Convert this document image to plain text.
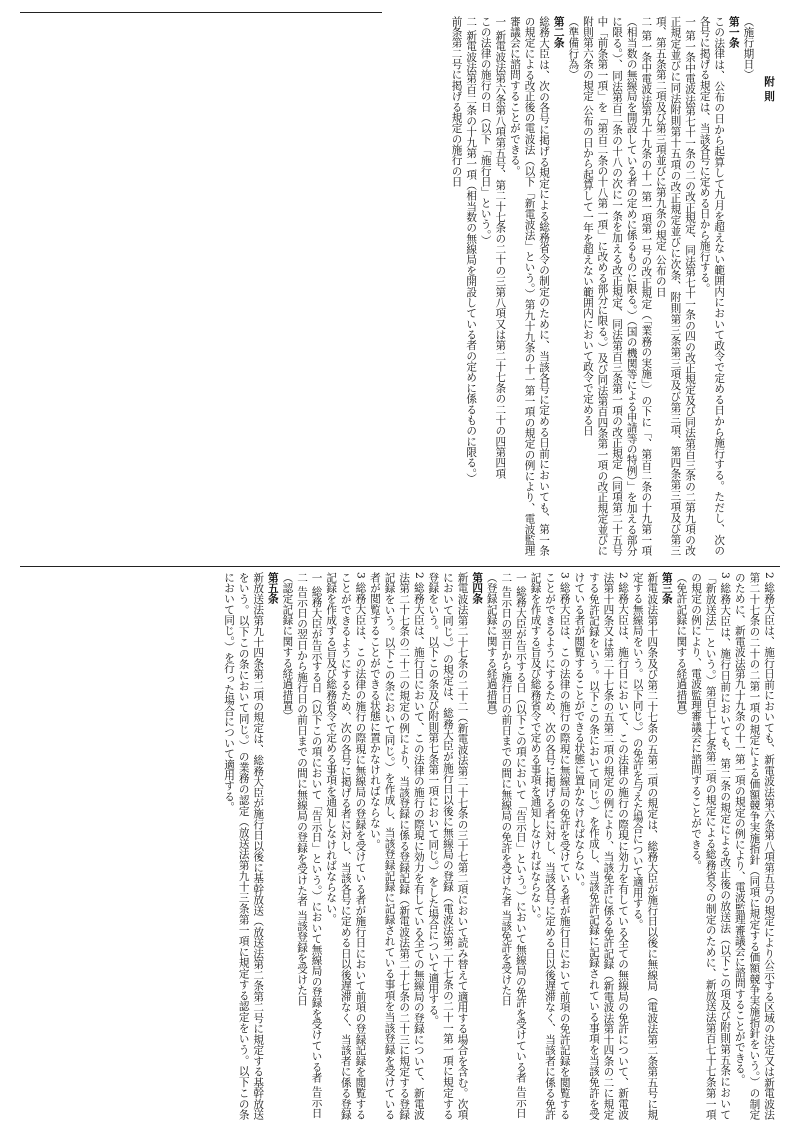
附 則

（施行期日）

第一条

この法律は、公布の日から起算して九月を超えない範囲内において政令で定める日から施行する。ただし、次の各号に掲げる規定は、当該各号に定める日から施行する。

一 第一条中電波法第七十一条の二の改正規定、同法第七十一条の四の改正規定及び同法第百三条の二第九項の改正規定並びに同法附則第十五項の改正規定並びに次条、附則第三条第三項及び第三項、第四条第三項及び第三項、第五条第二項及び第三項並びに第九条の規定 公布の日

二 第一条中電波法第九十九条の十一第一項第一号の改正規定（「業務の実施」）の下に「、第百二条の十九第一項（相当数の無線局を開設している者の定めに係るものに限る。）（国の機関等による申請等の特例）」を加える部分に限る。）、同法第百二条の十八の次に一条を加える改正規定、同法第百三条第一項の改正規定（同項第二十五号中「前条第一項」を「第百二条の十八第一項」に改める部分に限る。）及び同法第百四条第一項の改正規定並びに附則第六条の規定 公布の日から起算して一年を超えない範囲内において政令で定める日

（準備行為）

第二条

総務大臣は、次の各号に掲げる規定による総務省令の制定のために、当該各号に定める日前においても、第一条の規定による改正後の電波法（以下「新電波法」という。）第九十九条の十一第一項の規定の例により、電波監理審議会に諮問することができる。

一 新電波法第六条第八項第五号、第二十七条の二十の三第八項又は第二十七条の二十の四第四項

この法律の施行の日（以下「施行日」という。）

二 新電波法第百二条の十九第一項（相当数の無線局を開設している者の定めに係るものに限る。）

前条第二号に掲げる規定の施行の日

2 総務大臣は、施行日前においても、新電波法第六条第八項第五号の規定により公示する区域の決定又は新電波法第二十七条の二十の二第一項の規定による価額競争実施指針（同項に規定する価額競争実施指針をいう。）の制定のために、新電波法第九十九条の十一第一項の規定の例により、電波監理審議会に諮問することができる。

3 総務大臣は、施行日前においても、第二条の規定による改正後の放送法（以下この項及び附則第五条において「新放送法」という。）第百七十七条第二項の規定による総務省令の制定のために、新放送法第百七十七条第一項の規定の例により、電波監理審議会に諮問することができる。

（免許記録に関する経過措置）

第三条

新電波法第十四条及び第二十七条の五第二項の規定は、総務大臣が施行日以後に無線局（電波法第二条第五号に規定する無線局をいう。以下同じ。）の免許を与えた場合について適用する。

2 総務大臣は、施行日において、この法律の施行の際現に効力を有している全ての無線局の免許について、新電波法第十四条又は第二十七条の五第二項の規定の例により、当該免許に係る免許記録（新電波法第十四条の二に規定する免許記録をいう。以下この条において同じ。）を作成し、当該免許記録に記録されている事項を当該免許を受けている者が閲覧することができる状態に置かなければならない。

3 総務大臣は、この法律の施行の際現に無線局の免許を受けている者が施行日において前項の免許記録を閲覧することができるようにするため、次の各号に掲げる者に対し、当該各号に定める日以後遅滞なく、当該者に係る免許記録を作成する旨及び総務省令で定める事項を通知しなければならない。

一 総務大臣が告示する日（以下この項において「告示日」という。）において無線局の免許を受けている者 告示日

二 告示日の翌日から施行日の前日までの間に無線局の免許を受けた者 当該免許を受けた日

（登録記録に関する経過措置）

第四条

新電波法第二十七条の二十二（新電波法第二十七条の三十七第二項において読み替えて適用する場合を含む。次項において同じ。）の規定は、総務大臣が施行日以後に無線局の登録（電波法第二十七条の二十一第一項に規定する登録をいう。以下この条及び附則第七条第一項において同じ。）をした場合について適用する。

2 総務大臣は、施行日において、この法律の施行の際現に効力を有している全ての無線局の登録について、新電波法第二十七条の二十二の規定の例により、当該登録に係る登録記録（新電波法第二十七条の二十三に規定する登録記録をいう。以下この条において同じ。）を作成し、当該登録記録に記録されている事項を当該登録を受けている者が閲覧することができる状態に置かなければならない。

3 総務大臣は、この法律の施行の際現に無線局の登録を受けている者が施行日において前項の登録記録を閲覧することができるようにするため、次の各号に掲げる者に対し、当該各号に定める日以後遅滞なく、当該者に係る登録記録を作成する旨及び総務省令で定める事項を通知しなければならない。

一 総務大臣が告示する日（以下この項において「告示日」という。）において無線局の登録を受けている者 告示日

二 告示日の翌日から施行日の前日までの間に無線局の登録を受けた者 当該登録を受けた日

（認定記録に関する経過措置）

第五条

新放送法第九十四条第二項の規定は、総務大臣が施行日以後に基幹放送（放送法第二条第二号に規定する基幹放送をいう。以下この条において同じ。）の業務の認定（放送法第九十三条第一項に規定する認定をいう。以下この条において同じ。）を行った場合について適用する。
